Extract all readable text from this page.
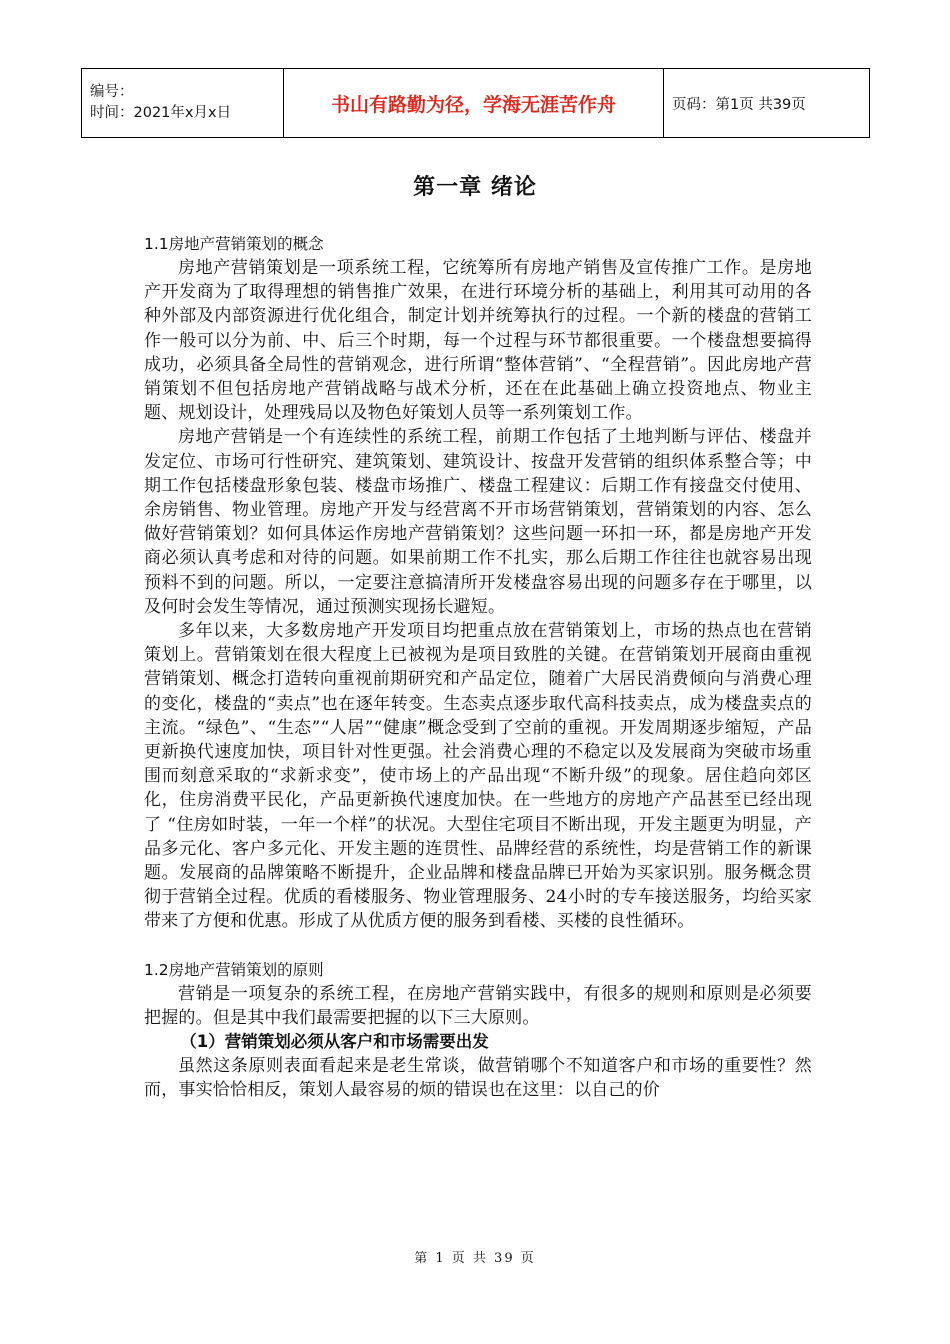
编号：
时间：2021年x月x日	书山有路勤为径，学海无涯苦作舟	页码：第1页 共39页
第一章 绪论
1.1房地产营销策划的概念

房地产营销策划是一项系统工程，它统筹所有房地产销售及宣传推广工作。是房地产开发商为了取得理想的销售推广效果，在进行环境分析的基础上，利用其可动用的各种外部及内部资源进行优化组合，制定计划并统筹执行的过程。一个新的楼盘的营销工作一般可以分为前、中、后三个时期，每一个过程与环节都很重要。一个楼盘想要搞得成功，必须具备全局性的营销观念，进行所谓“整体营销”、“全程营销”。因此房地产营销策划不但包括房地产营销战略与战术分析，还在在此基础上确立投资地点、物业主题、规划设计，处理残局以及物色好策划人员等一系列策划工作。

房地产营销是一个有连续性的系统工程，前期工作包括了土地判断与评估、楼盘并发定位、市场可行性研究、建筑策划、建筑设计、按盘开发营销的组织体系整合等；中期工作包括楼盘形象包装、楼盘市场推广、楼盘工程建议：后期工作有接盘交付使用、余房销售、物业管理。房地产开发与经营离不开市场营销策划，营销策划的内容、怎么做好营销策划？如何具体运作房地产营销策划？这些问题一环扣一环，都是房地产开发商必须认真考虑和对待的问题。如果前期工作不扎实，那么后期工作往往也就容易出现预料不到的问题。所以，一定要注意搞清所开发楼盘容易出现的问题多存在于哪里，以及何时会发生等情况，通过预测实现扬长避短。

多年以来，大多数房地产开发项目均把重点放在营销策划上，市场的热点也在营销策划上。营销策划在很大程度上已被视为是项目致胜的关键。在营销策划开展商由重视营销策划、概念打造转向重视前期研究和产品定位，随着广大居民消费倾向与消费心理的变化，楼盘的“卖点”也在逐年转变。生态卖点逐步取代高科技卖点，成为楼盘卖点的主流。“绿色”、“生态”“人居”“健康”概念受到了空前的重视。开发周期逐步缩短，产品更新换代速度加快，项目针对性更强。社会消费心理的不稳定以及发展商为突破市场重围而刻意采取的“求新求变”，使市场上的产品出现“不断升级”的现象。居住趋向郊区化，住房消费平民化，产品更新换代速度加快。在一些地方的房地产产品甚至已经出现了 “住房如时装，一年一个样”的状况。大型住宅项目不断出现，开发主题更为明显，产品多元化、客户多元化、开发主题的连贯性、品牌经营的系统性，均是营销工作的新课题。发展商的品牌策略不断提升，企业品牌和楼盘品牌已开始为买家识别。服务概念贯彻于营销全过程。优质的看楼服务、物业管理服务、24小时的专车接送服务，均给买家带来了方便和优惠。形成了从优质方便的服务到看楼、买楼的良性循环。

1.2房地产营销策划的原则

营销是一项复杂的系统工程，在房地产营销实践中，有很多的规则和原则是必须要把握的。但是其中我们最需要把握的以下三大原则。

（1）营销策划必须从客户和市场需要出发

虽然这条原则表面看起来是老生常谈，做营销哪个不知道客户和市场的重要性？然而，事实恰恰相反，策划人最容易的烦的错误也在这里：以自己的价

第 1 页 共 39 页
